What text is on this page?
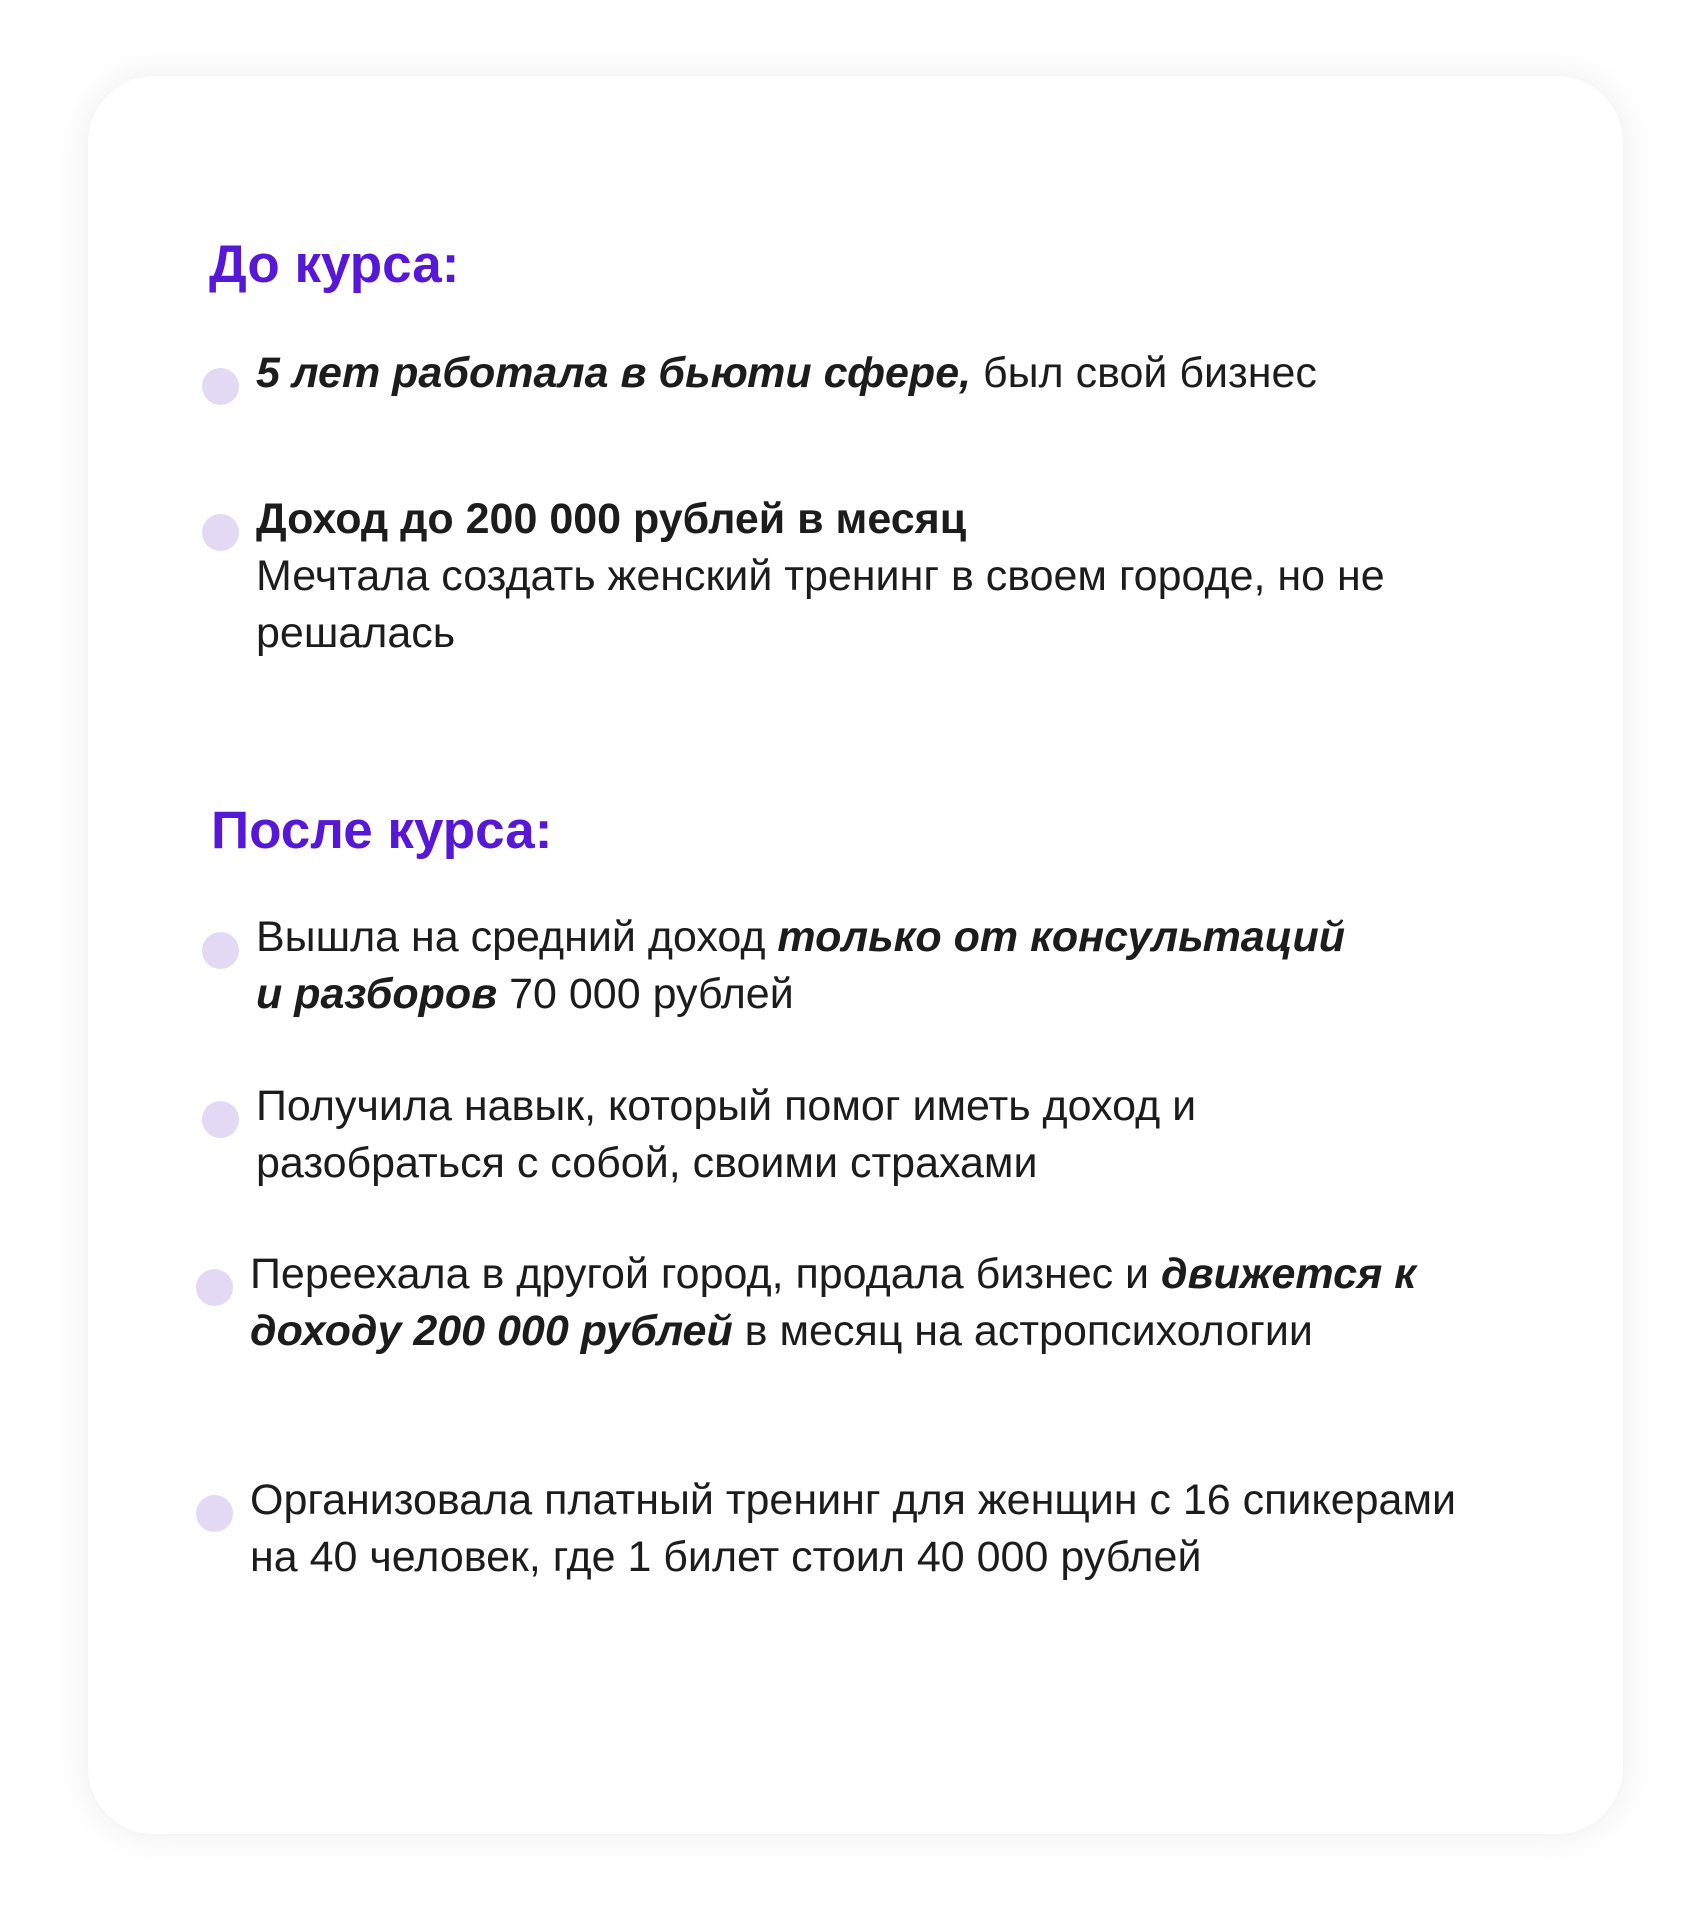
До курса:

5 лет работала в бьюти сфере, был свой бизнес

Доход до 200 000 рублей в месяц
Мечтала создать женский тренинг в своем городе, но не решалась

После курса:

Вышла на средний доход только от консультаций и разборов 70 000 рублей

Получила навык, который помог иметь доход и разобраться с собой, своими страхами

Переехала в другой город, продала бизнес и движется к доходу 200 000 рублей в месяц на астропсихологии

Организовала платный тренинг для женщин с 16 спикерами на 40 человек, где 1 билет стоил 40 000 рублей
